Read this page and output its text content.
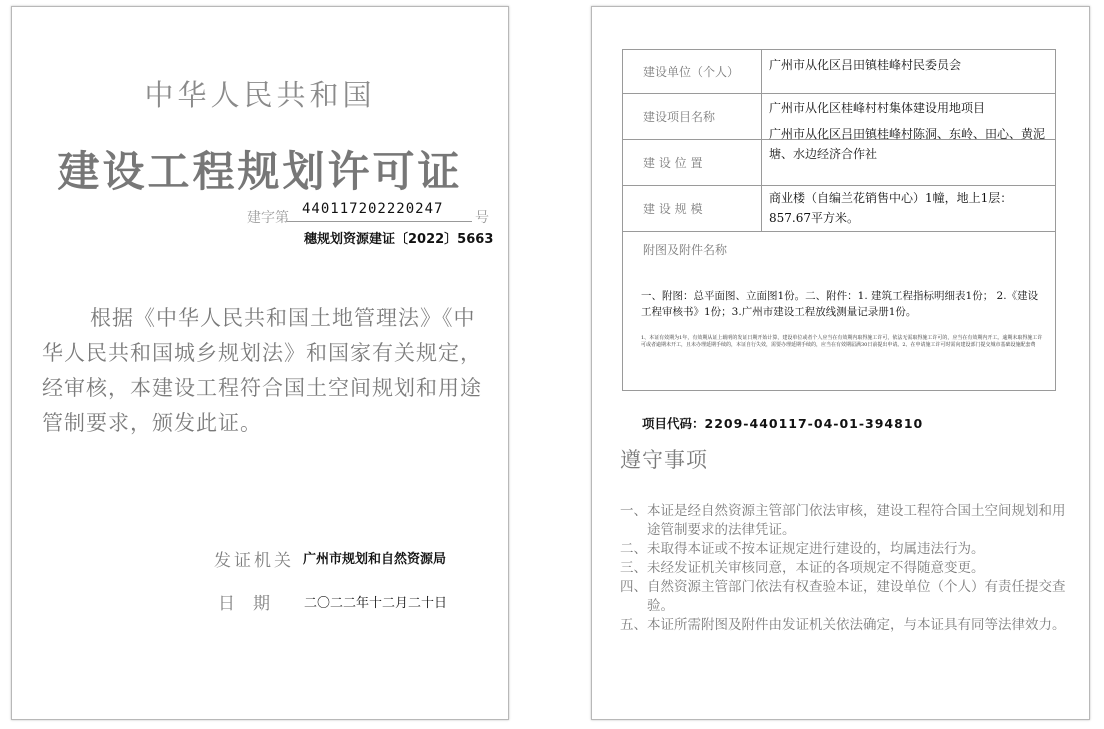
中华人民共和国
建设工程规划许可证
建字第
440117202220247
号
穗规划资源建证〔2022〕5663
根据《中华人民共和国土地管理法》《中华人民共和国城乡规划法》和国家有关规定，经审核，本建设工程符合国土空间规划和用途管制要求，颁发此证。
发证机关 广州市规划和自然资源局
日期 二〇二二年十二月二十日
建设单位（个人）	广州市从化区吕田镇桂峰村民委员会
建设项目名称
广州市从化区桂峰村村集体建设用地项目
建 设 位 置
广州市从化区吕田镇桂峰村陈洞、东岭、田心、黄泥塘、水边经济合作社
建 设 规 模
商业楼（自编兰花销售中心）1幢，地上1层：857.67平方米。
附图及附件名称
一、附图：总平面图、立面图1份。二、附件：1. 建筑工程指标明细表1份； 2.《建设工程审核书》1份；3.广州市建设工程放线测量记录册1份。
1、本证有效期为1年，有效期从证上载明的发证日期开始计算，建设单位或者个人应当在有效期内取得施工许可，依法无需取得施工许可的，应当在有效期内开工。逾期未取得施工许可或者逾期未开工，且未办理延期手续的，本证自行失效，需要办理延期手续的，应当在有效期届满30日前提出申请。2、在申请施工许可时需向建设部门提交城市基础设施配套费
项目代码：2209-440117-04-01-394810
遵守事项

一、本证是经自然资源主管部门依法审核，建设工程符合国土空间规划和用途管制要求的法律凭证。

二、未取得本证或不按本证规定进行建设的，均属违法行为。

三、未经发证机关审核同意，本证的各项规定不得随意变更。

四、自然资源主管部门依法有权查验本证，建设单位（个人）有责任提交查验。

五、本证所需附图及附件由发证机关依法确定，与本证具有同等法律效力。
